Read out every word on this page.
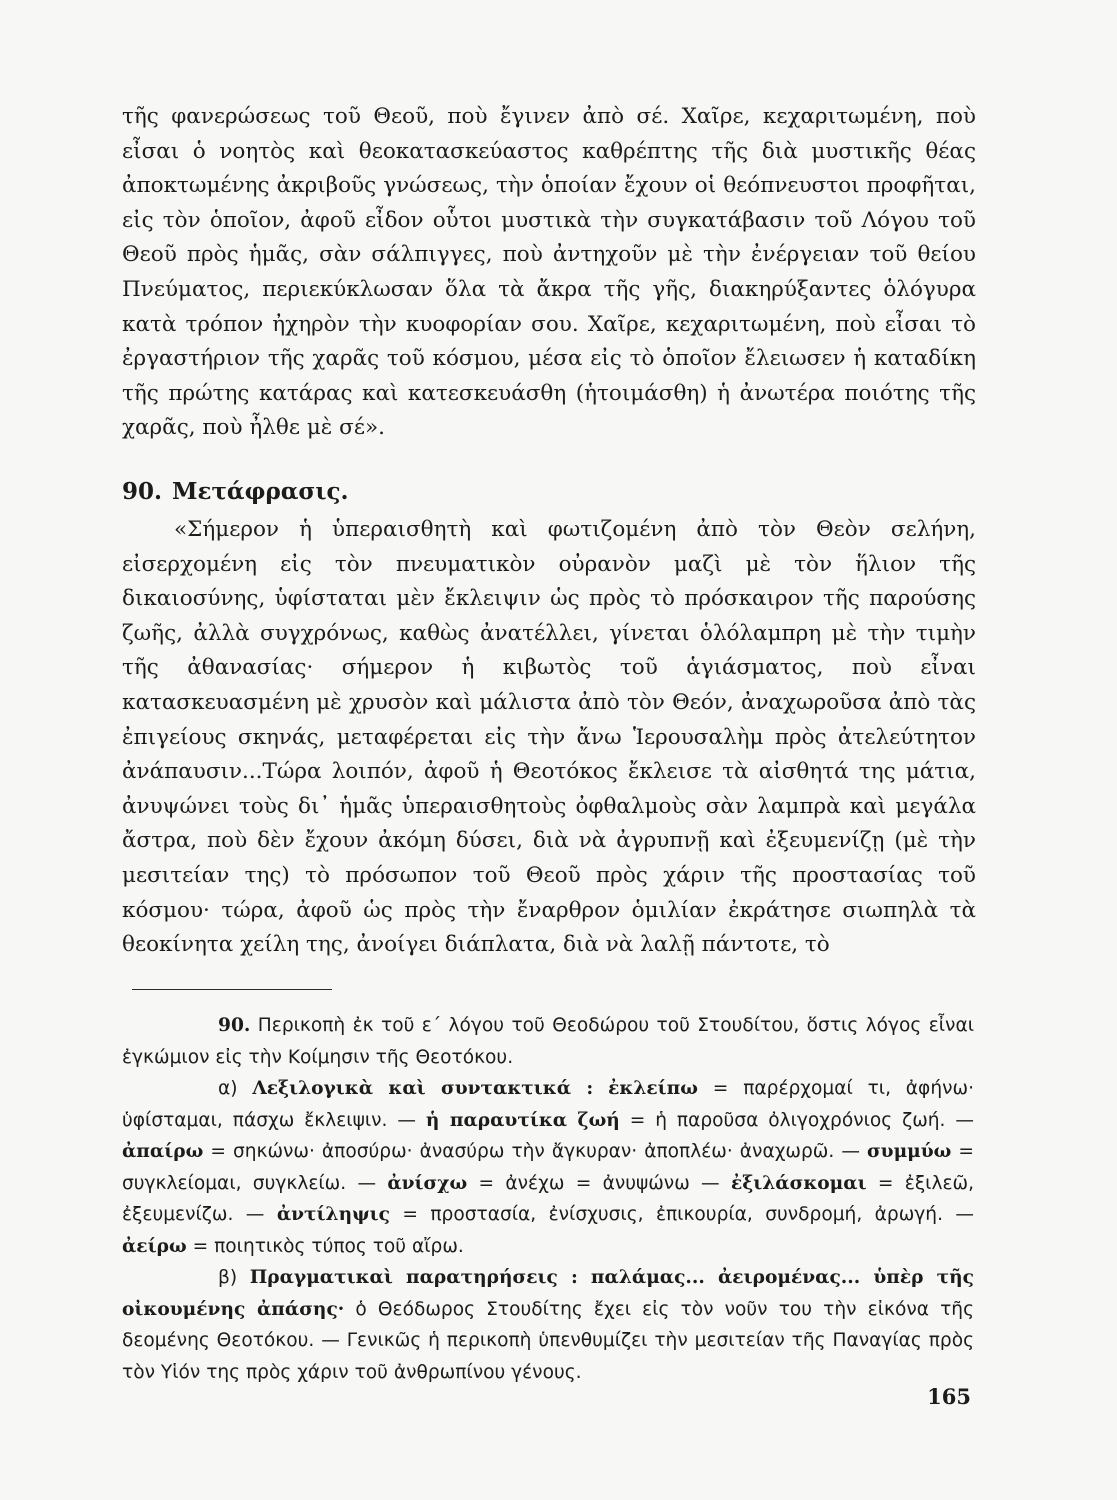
τῆς φανερώσεως τοῦ Θεοῦ, ποὺ ἔγινεν ἀπὸ σέ. Χαῖρε, κεχαριτωμένη, ποὺ εἶσαι ὁ νοητὸς καὶ θεοκατασκεύαστος καθρέπτης τῆς διὰ μυστικῆς θέας ἀποκτωμένης ἀκριβοῦς γνώσεως, τὴν ὁποίαν ἔχουν οἱ θεόπνευστοι προφῆται, εἰς τὸν ὁποῖον, ἀφοῦ εἶδον οὗτοι μυστικὰ τὴν συγκατάβασιν τοῦ Λόγου τοῦ Θεοῦ πρὸς ἡμᾶς, σὰν σάλπιγγες, ποὺ ἀντηχοῦν μὲ τὴν ἐνέργειαν τοῦ θείου Πνεύματος, περιεκύκλωσαν ὅλα τὰ ἄκρα τῆς γῆς, διακηρύξαντες ὁλόγυρα κατὰ τρόπον ἠχηρὸν τὴν κυοφορίαν σου. Χαῖρε, κεχαριτωμένη, ποὺ εἶσαι τὸ ἐργαστήριον τῆς χαρᾶς τοῦ κόσμου, μέσα εἰς τὸ ὁποῖον ἔλειωσεν ἡ καταδίκη τῆς πρώτης κατάρας καὶ κατεσκευάσθη (ἡτοιμάσθη) ἡ ἀνωτέρα ποιότης τῆς χαρᾶς, ποὺ ἦλθε μὲ σέ».

90. Μετάφρασις.

«Σήμερον ἡ ὑπεραισθητὴ καὶ φωτιζομένη ἀπὸ τὸν Θεὸν σελήνη, εἰσερχομένη εἰς τὸν πνευματικὸν οὐρανὸν μαζὶ μὲ τὸν ἥλιον τῆς δικαιοσύνης, ὑφίσταται μὲν ἔκλειψιν ὡς πρὸς τὸ πρόσκαιρον τῆς παρούσης ζωῆς, ἀλλὰ συγχρόνως, καθὼς ἀνατέλλει, γίνεται ὁλόλαμπρη μὲ τὴν τιμὴν τῆς ἀθανασίας· σήμερον ἡ κιβωτὸς τοῦ ἁγιάσματος, ποὺ εἶναι κατασκευασμένη μὲ χρυσὸν καὶ μάλιστα ἀπὸ τὸν Θεόν, ἀναχωροῦσα ἀπὸ τὰς ἐπιγείους σκηνάς, μεταφέρεται εἰς τὴν ἄνω Ἱερουσαλὴμ πρὸς ἀτελεύτητον ἀνάπαυσιν...Τώρα λοιπόν, ἀφοῦ ἡ Θεοτόκος ἔκλεισε τὰ αἰσθητά της μάτια, ἀνυψώνει τοὺς δι᾽ ἡμᾶς ὑπεραισθητοὺς ὀφθαλμοὺς σὰν λαμπρὰ καὶ μεγάλα ἄστρα, ποὺ δὲν ἔχουν ἀκόμη δύσει, διὰ νὰ ἀγρυπνῇ καὶ ἐξευμενίζῃ (μὲ τὴν μεσιτείαν της) τὸ πρόσωπον τοῦ Θεοῦ πρὸς χάριν τῆς προστασίας τοῦ κόσμου· τώρα, ἀφοῦ ὡς πρὸς τὴν ἔναρθρον ὁμιλίαν ἐκράτησε σιωπηλὰ τὰ θεοκίνητα χείλη της, ἀνοίγει διάπλατα, διὰ νὰ λαλῇ πάντοτε, τὸ

90. Περικοπὴ ἐκ τοῦ ε΄ λόγου τοῦ Θεοδώρου τοῦ Στουδίτου, ὅστις λόγος εἶναι ἐγκώμιον εἰς τὴν Κοίμησιν τῆς Θεοτόκου.

α) Λεξιλογικὰ καὶ συντακτικά : ἐκλείπω = παρέρχομαί τι, ἀφήνω· ὑφίσταμαι, πάσχω ἔκλειψιν. — ἡ παραυτίκα ζωή = ἡ παροῦσα ὀλιγοχρόνιος ζωή. — ἀπαίρω = σηκώνω· ἀποσύρω· ἀνασύρω τὴν ἄγκυραν· ἀποπλέω· ἀναχωρῶ. — συμμύω = συγκλείομαι, συγκλείω. — ἀνίσχω = ἀνέχω = ἀνυψώνω — ἐξιλάσκομαι = ἐξιλεῶ, ἐξευμενίζω. — ἀντίληψις = προστασία, ἐνίσχυσις, ἐπικουρία, συνδρομή, ἀρωγή. — ἀείρω = ποιητικὸς τύπος τοῦ αἴρω.

β) Πραγματικαὶ παρατηρήσεις : παλάμας... ἀειρομένας... ὑπὲρ τῆς οἰκουμένης ἀπάσης· ὁ Θεόδωρος Στουδίτης ἔχει εἰς τὸν νοῦν του τὴν εἰκόνα τῆς δεομένης Θεοτόκου. — Γενικῶς ἡ περικοπὴ ὑπενθυμίζει τὴν μεσιτείαν τῆς Παναγίας πρὸς τὸν Υἱόν της πρὸς χάριν τοῦ ἀνθρωπίνου γένους.

165
